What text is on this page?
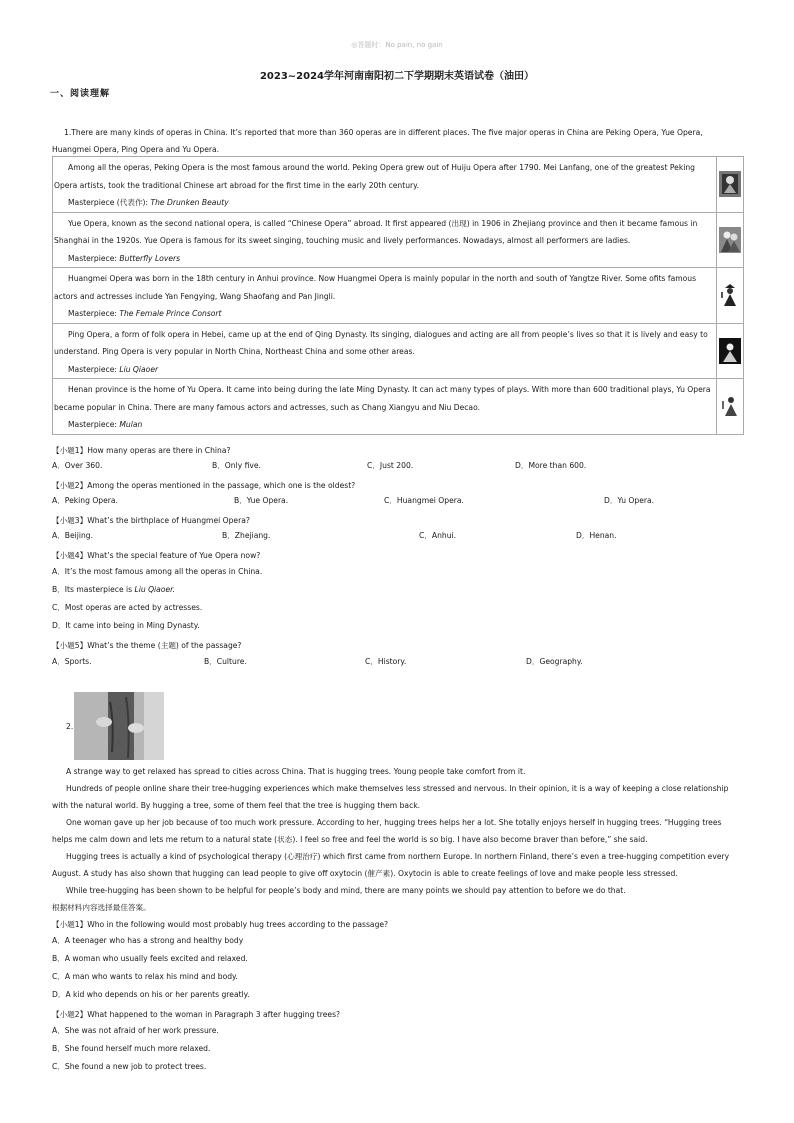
◎答题时：No pain, no gain
2023~2024学年河南南阳初二下学期期末英语试卷（油田）
一、阅读理解
1.There are many kinds of operas in China. It’s reported that more than 360 operas are in different places. The five major operas in China are Peking Opera, Yue Opera, Huangmei Opera, Ping Opera and Yu Opera.
Among all the operas, Peking Opera is the most famous around the world. Peking Opera grew out of Huiju Opera after 1790. Mei Lanfang, one of the greatest Peking Opera artists, took the traditional Chinese art abroad for the first time in the early 20th century.
Masterpiece (代表作): The Drunken Beauty

Yue Opera, known as the second national opera, is called “Chinese Opera” abroad. It first appeared (出现) in 1906 in Zhejiang province and then it became famous in Shanghai in the 1920s. Yue Opera is famous for its sweet singing, touching music and lively performances. Nowadays, almost all performers are ladies.
Masterpiece: Butterfly Lovers

Huangmei Opera was born in the 18th century in Anhui province. Now Huangmei Opera is mainly popular in the north and south of Yangtze River. Some ofits famous actors and actresses include Yan Fengying, Wang Shaofang and Pan Jingli.
Masterpiece: The Female Prince Consort

Ping Opera, a form of folk opera in Hebei, came up at the end of Qing Dynasty. Its singing, dialogues and acting are all from people’s lives so that it is lively and easy to understand. Ping Opera is very popular in North China, Northeast China and some other areas.
Masterpiece: Liu Qiaoer

Henan province is the home of Yu Opera. It came into being during the late Ming Dynasty. It can act many types of plays. With more than 600 traditional plays, Yu Opera became popular in China. There are many famous actors and actresses, such as Chang Xiangyu and Niu Decao.
Masterpiece: Mulan

【小题1】How many operas are there in China?
A．Over 360.	B．Only five.	C．Just 200.	D．More than 600.
【小题2】Among the operas mentioned in the passage, which one is the oldest?
A．Peking Opera.	B．Yue Opera.	C．Huangmei Opera.	D．Yu Opera.
【小题3】What’s the birthplace of Huangmei Opera?
A．Beijing.	B．Zhejiang.	C．Anhui.	D．Henan.
【小题4】What’s the special feature of Yue Opera now?
A．It’s the most famous among all the operas in China.
B．Its masterpiece is Liu Qiaoer.
C．Most operas are acted by actresses.
D．It came into being in Ming Dynasty.
【小题5】What’s the theme (主题) of the passage?
A．Sports.	B．Culture.	C．History.	D．Geography.
2.
A strange way to get relaxed has spread to cities across China. That is hugging trees. Young people take comfort from it.
Hundreds of people online share their tree-hugging experiences which make themselves less stressed and nervous. In their opinion, it is a way of keeping a close relationship with the natural world. By hugging a tree, some of them feel that the tree is hugging them back.
One woman gave up her job because of too much work pressure. According to her, hugging trees helps her a lot. She totally enjoys herself in hugging trees. “Hugging trees helps me calm down and lets me return to a natural state (状态). I feel so free and feel the world is so big. I have also become braver than before,” she said.
Hugging trees is actually a kind of psychological therapy (心理治疗) which first came from northern Europe. In northern Finland, there’s even a tree-hugging competition every August. A study has also shown that hugging can lead people to give off oxytocin (催产素). Oxytocin is able to create feelings of love and make people less stressed.
While tree-hugging has been shown to be helpful for people’s body and mind, there are many points we should pay attention to before we do that.
根据材料内容选择最佳答案。
【小题1】Who in the following would most probably hug trees according to the passage?
A．A teenager who has a strong and healthy body
B．A woman who usually feels excited and relaxed.
C．A man who wants to relax his mind and body.
D．A kid who depends on his or her parents greatly.
【小题2】What happened to the woman in Paragraph 3 after hugging trees?
A．She was not afraid of her work pressure.
B．She found herself much more relaxed.
C．She found a new job to protect trees.
